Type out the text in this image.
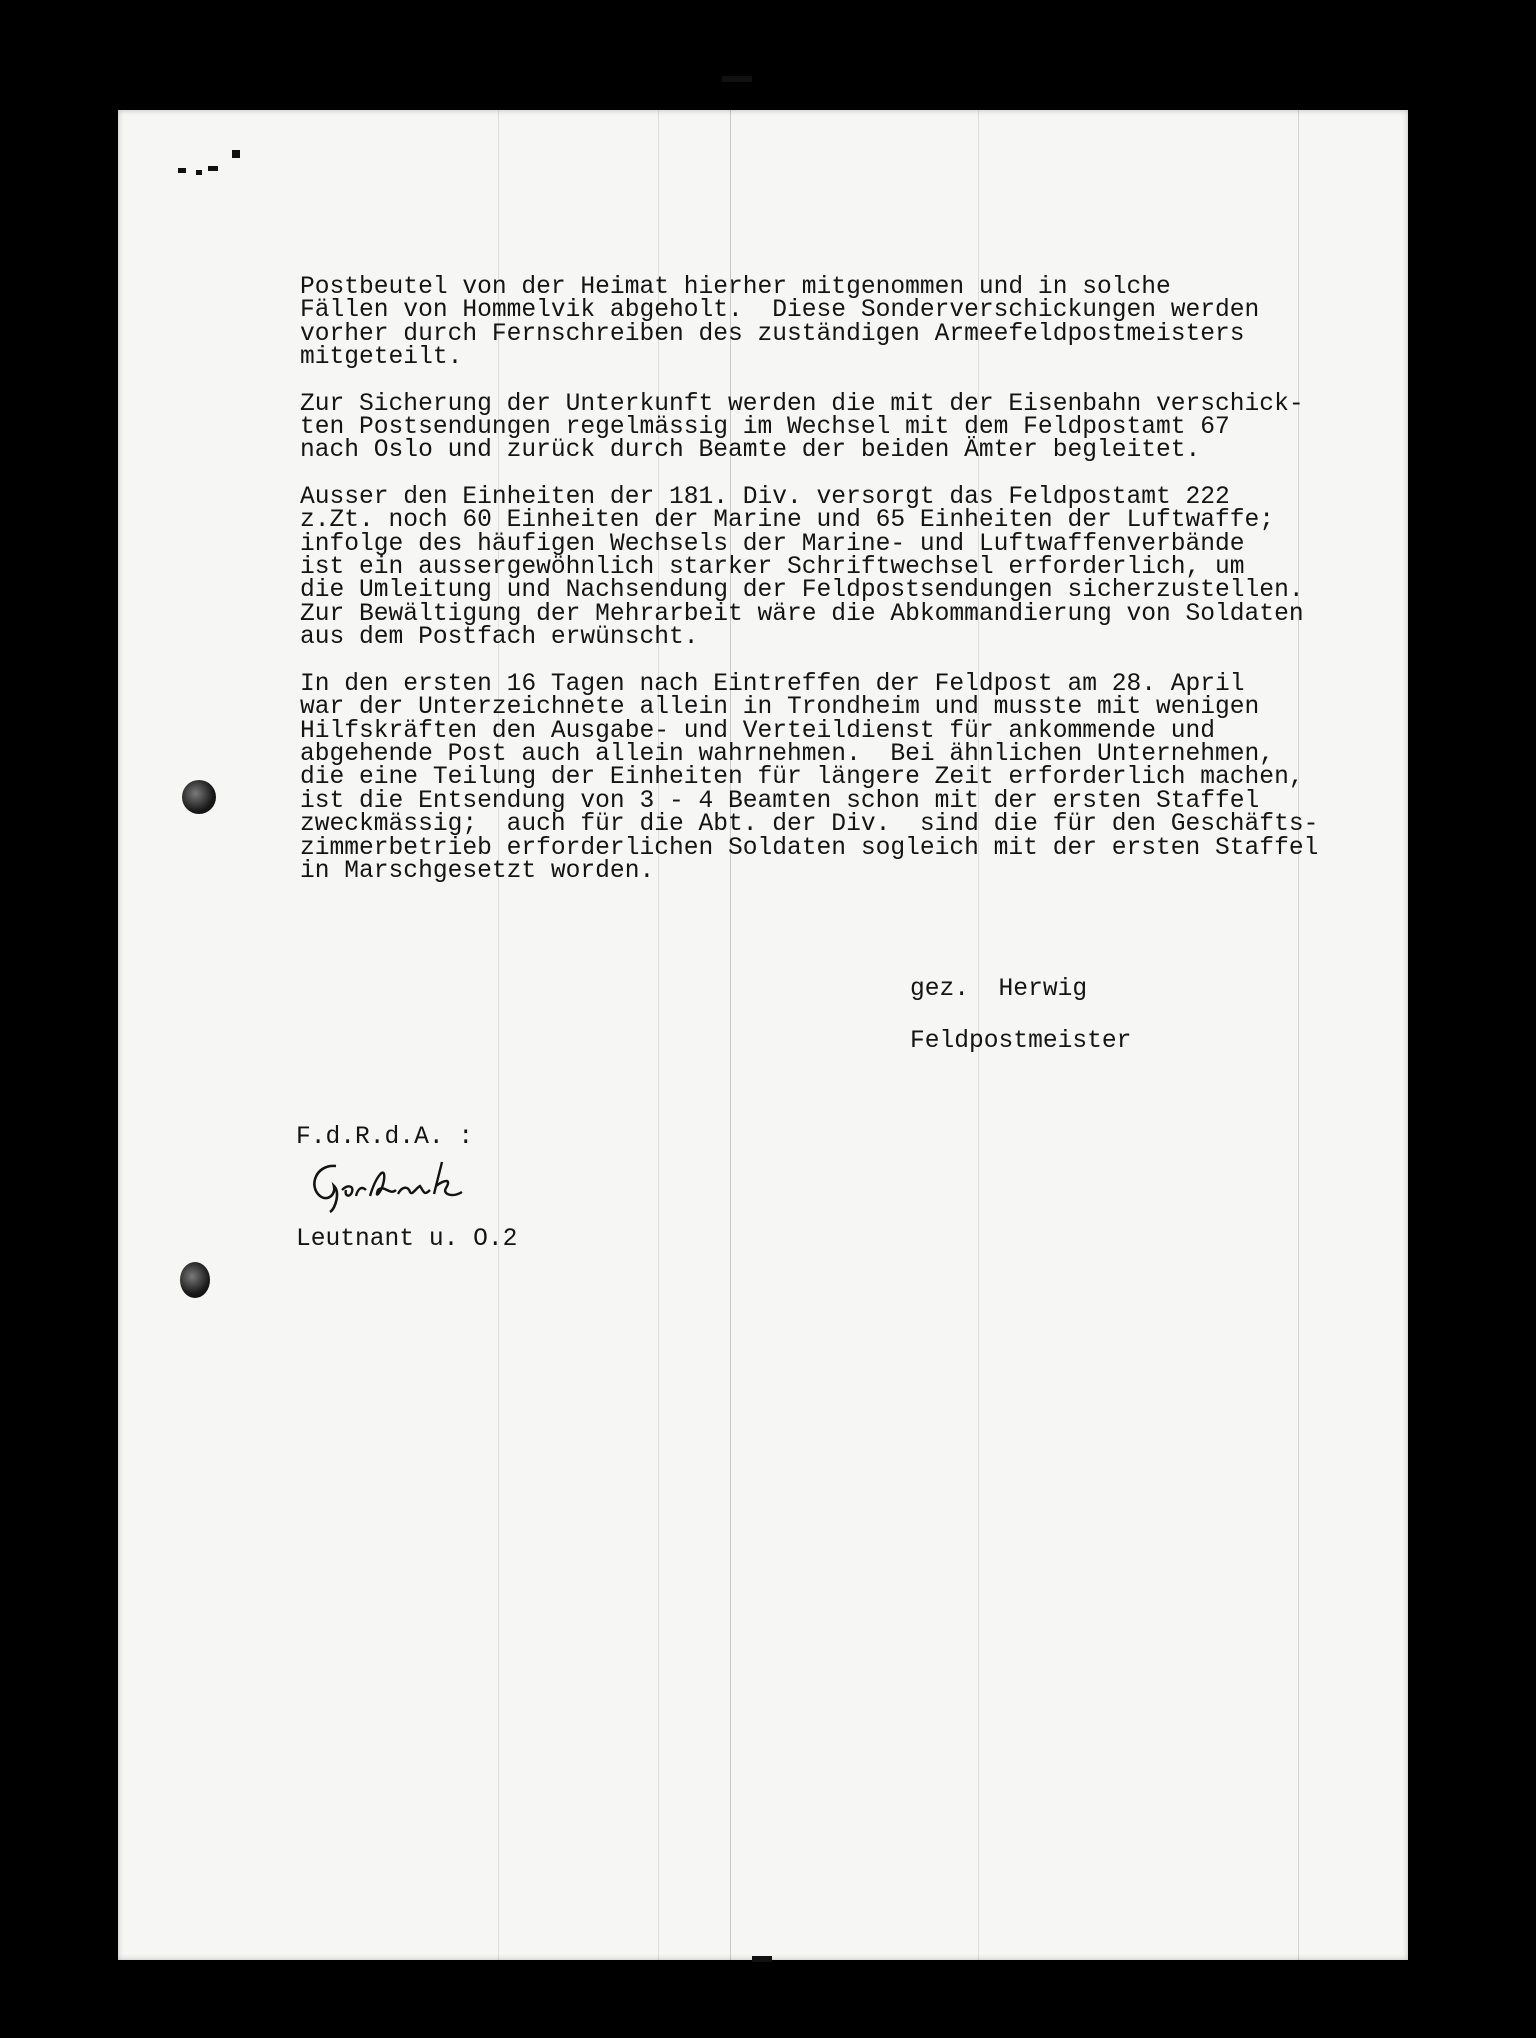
Postbeutel von der Heimat hierher mitgenommen und in solche
Fällen von Hommelvik abgeholt.  Diese Sonderverschickungen werden
vorher durch Fernschreiben des zuständigen Armeefeldpostmeisters
mitgeteilt.
Zur Sicherung der Unterkunft werden die mit der Eisenbahn verschick-
ten Postsendungen regelmässig im Wechsel mit dem Feldpostamt 67
nach Oslo und zurück durch Beamte der beiden Ämter begleitet.
Ausser den Einheiten der 181. Div. versorgt das Feldpostamt 222
z.Zt. noch 60 Einheiten der Marine und 65 Einheiten der Luftwaffe;
infolge des häufigen Wechsels der Marine- und Luftwaffenverbände
ist ein aussergewöhnlich starker Schriftwechsel erforderlich, um
die Umleitung und Nachsendung der Feldpostsendungen sicherzustellen.
Zur Bewältigung der Mehrarbeit wäre die Abkommandierung von Soldaten
aus dem Postfach erwünscht.
In den ersten 16 Tagen nach Eintreffen der Feldpost am 28. April
war der Unterzeichnete allein in Trondheim und musste mit wenigen
Hilfskräften den Ausgabe- und Verteildienst für ankommende und
abgehende Post auch allein wahrnehmen.  Bei ähnlichen Unternehmen,
die eine Teilung der Einheiten für längere Zeit erforderlich machen,
ist die Entsendung von 3 - 4 Beamten schon mit der ersten Staffel
zweckmässig;  auch für die Abt. der Div.  sind die für den Geschäfts-
zimmerbetrieb erforderlichen Soldaten sogleich mit der ersten Staffel
in Marschgesetzt worden.
gez.  Herwig
Feldpostmeister
F.d.R.d.A. :
Leutnant u. O.2
